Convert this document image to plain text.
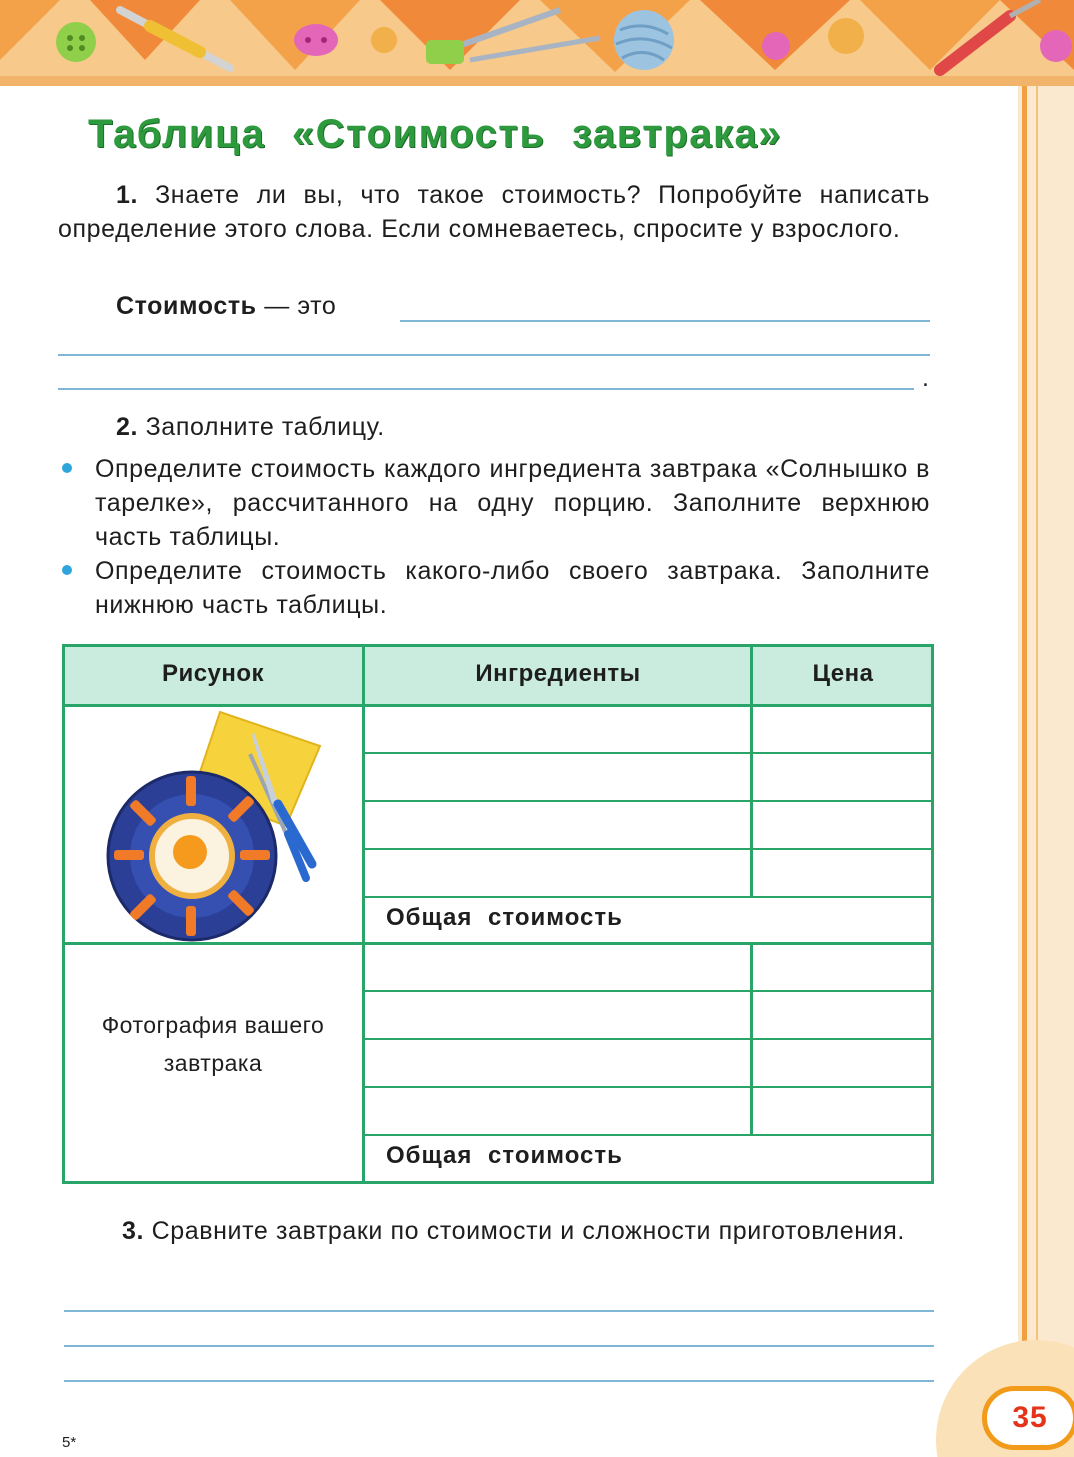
35
Таблица «Стоимость завтрака»
1. Знаете ли вы, что такое стоимость? Попробуйте написать определение этого слова. Если сомневаетесь, спросите у взрослого.
Стоимость — это
.
2. Заполните таблицу.
Определите стоимость каждого ингредиента завтрака «Солнышко в тарелке», рассчитанного на одну порцию. Заполните верхнюю часть таблицы.
Определите стоимость какого-либо своего завтрака. Заполните нижнюю часть таблицы.
Рисунок	Ингредиенты	Цена
Общая стоимость
Общая стоимость
Фотография вашего завтрака
3. Сравните завтраки по стоимости и сложности приготовления.
5*
